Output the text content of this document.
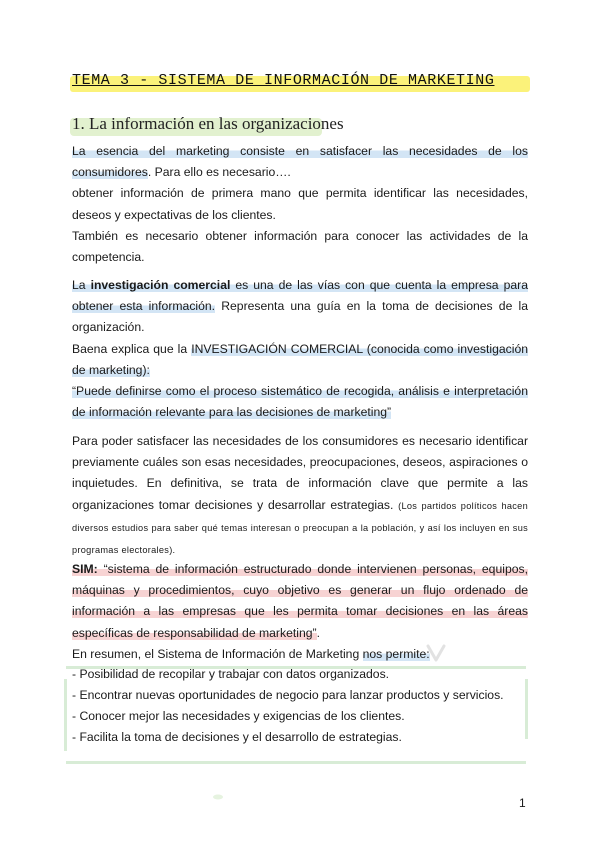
TEMA 3 - SISTEMA DE INFORMACIÓN DE MARKETING
1. La información en las organizaciones
La esencia del marketing consiste en satisfacer las necesidades de los consumidores. Para ello es necesario….
obtener información de primera mano que permita identificar las necesidades, deseos y expectativas de los clientes.
También es necesario obtener información para conocer las actividades de la competencia.
La investigación comercial es una de las vías con que cuenta la empresa para obtener esta información. Representa una guía en la toma de decisiones de la organización.
Baena explica que la INVESTIGACIÓN COMERCIAL (conocida como investigación de marketing):
“Puede definirse como el proceso sistemático de recogida, análisis e interpretación de información relevante para las decisiones de marketing”
Para poder satisfacer las necesidades de los consumidores es necesario identificar previamente cuáles son esas necesidades, preocupaciones, deseos, aspiraciones o inquietudes. En definitiva, se trata de información clave que permite a las organizaciones tomar decisiones y desarrollar estrategias. (Los partidos políticos hacen diversos estudios para saber qué temas interesan o preocupan a la población, y así los incluyen en sus programas electorales).
SIM: “sistema de información estructurado donde intervienen personas, equipos, máquinas y procedimientos, cuyo objetivo es generar un flujo ordenado de información a las empresas que les permita tomar decisiones en las áreas específicas de responsabilidad de marketing”.
En resumen, el Sistema de Información de Marketing nos permite:
- Posibilidad de recopilar y trabajar con datos organizados.
- Encontrar nuevas oportunidades de negocio para lanzar productos y servicios.
- Conocer mejor las necesidades y exigencias de los clientes.
- Facilita la toma de decisiones y el desarrollo de estrategias.
1
